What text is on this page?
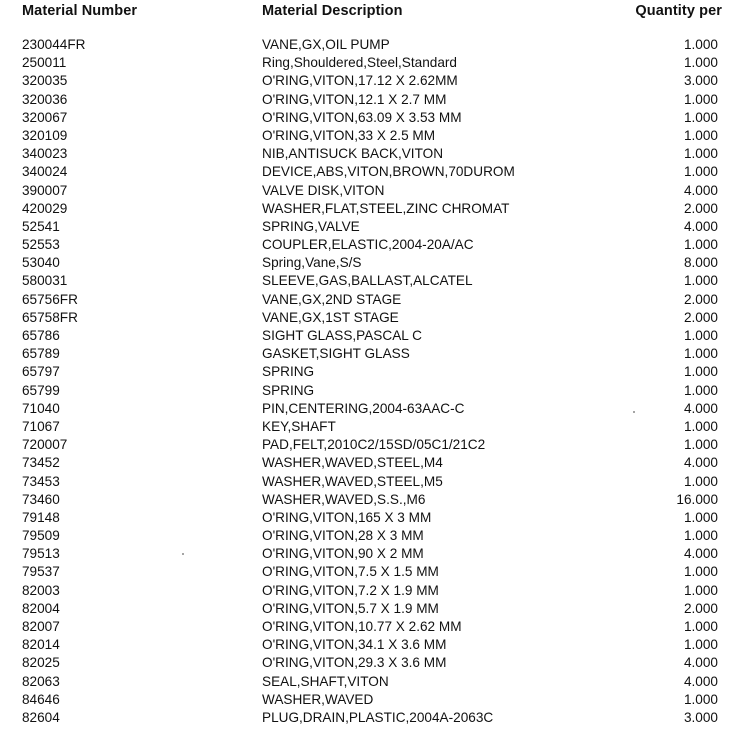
Material Number	Material Description	Quantity per
230044FR	VANE,GX,OIL PUMP	1.000
250011	Ring,Shouldered,Steel,Standard	1.000
320035	O'RING,VITON,17.12 X 2.62MM	3.000
320036	O'RING,VITON,12.1 X 2.7 MM	1.000
320067	O'RING,VITON,63.09 X 3.53 MM	1.000
320109	O'RING,VITON,33 X 2.5 MM	1.000
340023	NIB,ANTISUCK BACK,VITON	1.000
340024	DEVICE,ABS,VITON,BROWN,70DUROM	1.000
390007	VALVE DISK,VITON	4.000
420029	WASHER,FLAT,STEEL,ZINC CHROMAT	2.000
52541	SPRING,VALVE	4.000
52553	COUPLER,ELASTIC,2004-20A/AC	1.000
53040	Spring,Vane,S/S	8.000
580031	SLEEVE,GAS,BALLAST,ALCATEL	1.000
65756FR	VANE,GX,2ND STAGE	2.000
65758FR	VANE,GX,1ST STAGE	2.000
65786	SIGHT GLASS,PASCAL C	1.000
65789	GASKET,SIGHT GLASS	1.000
65797	SPRING	1.000
65799	SPRING	1.000
71040	PIN,CENTERING,2004-63AAC-C	4.000
71067	KEY,SHAFT	1.000
720007	PAD,FELT,2010C2/15SD/05C1/21C2	1.000
73452	WASHER,WAVED,STEEL,M4	4.000
73453	WASHER,WAVED,STEEL,M5	1.000
73460	WASHER,WAVED,S.S.,M6	16.000
79148	O'RING,VITON,165 X 3 MM	1.000
79509	O'RING,VITON,28 X 3 MM	1.000
79513	O'RING,VITON,90 X 2 MM	4.000
79537	O'RING,VITON,7.5 X 1.5 MM	1.000
82003	O'RING,VITON,7.2 X 1.9 MM	1.000
82004	O'RING,VITON,5.7 X 1.9 MM	2.000
82007	O'RING,VITON,10.77 X 2.62 MM	1.000
82014	O'RING,VITON,34.1 X 3.6 MM	1.000
82025	O'RING,VITON,29.3 X 3.6 MM	4.000
82063	SEAL,SHAFT,VITON	4.000
84646	WASHER,WAVED	1.000
82604	PLUG,DRAIN,PLASTIC,2004A-2063C	3.000
